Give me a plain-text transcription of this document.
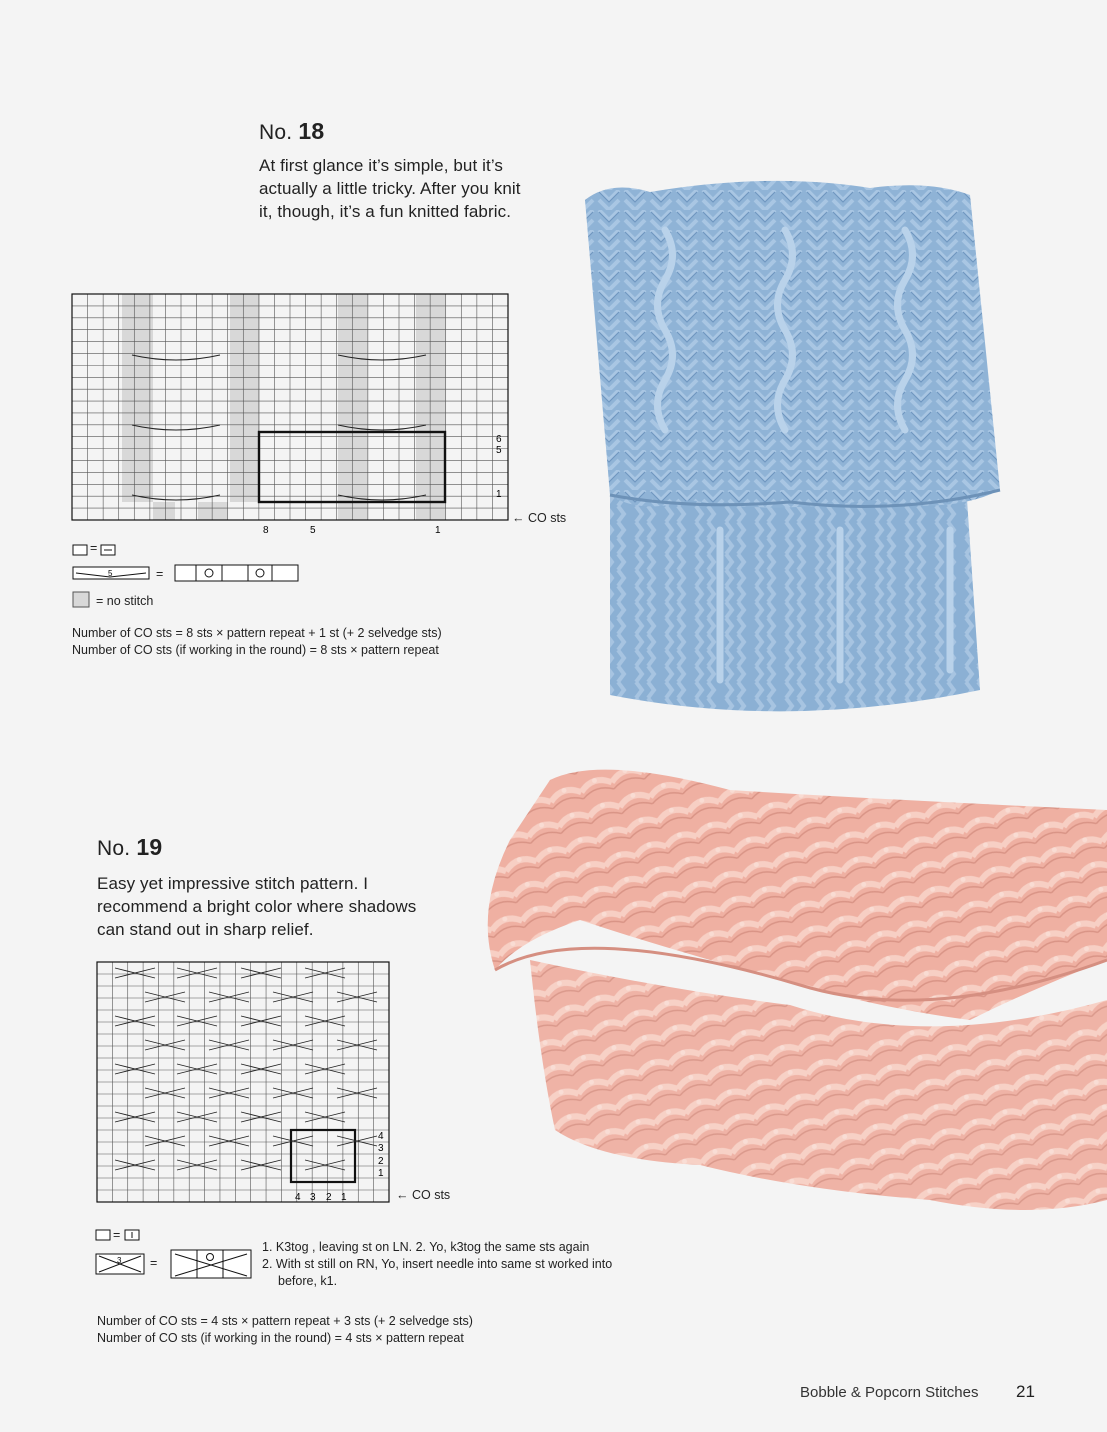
No. 18
At first glance it’s simple, but it’s
actually a little tricky. After you knit
it, though, it’s a fun knitted fabric.
6
5
1
8	5	1
← CO sts
5
=
=
= no stitch
Number of CO sts = 8 sts × pattern repeat + 1 st (+ 2 selvedge sts)
Number of CO sts (if working in the round) = 8 sts × pattern repeat
No. 19
Easy yet impressive stitch pattern. I
recommend a bright color where shadows
can stand out in sharp relief.
4
3
2
1
4 3 2 1	← CO sts
3
=
=
1. K3tog , leaving st on LN. 2. Yo, k3tog the same sts again
2. With st still on RN, Yo, insert needle into same st worked into
before, k1.
Number of CO sts = 4 sts × pattern repeat + 3 sts (+ 2 selvedge sts)
Number of CO sts (if working in the round) = 4 sts × pattern repeat
Bobble & Popcorn Stitches 21
